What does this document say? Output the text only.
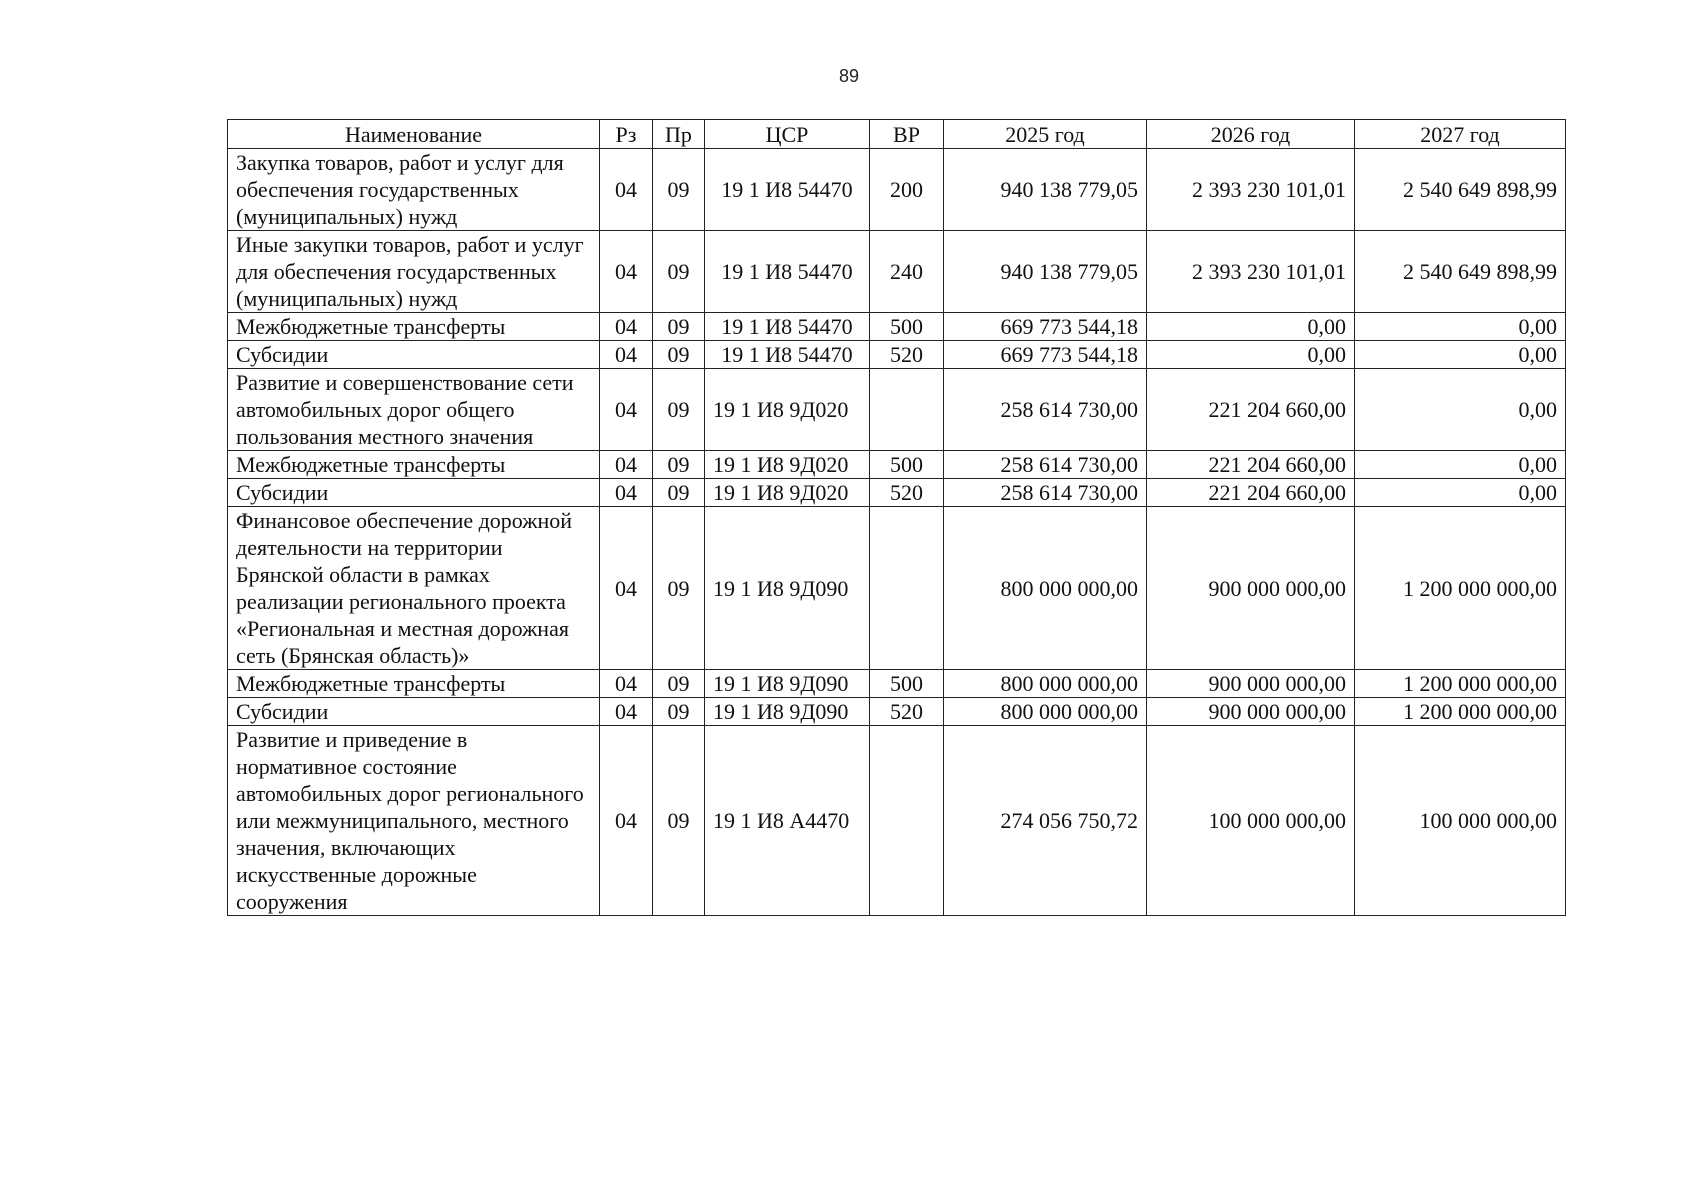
89
Наименование	Рз	Пр	ЦСР	ВР	2025 год	2026 год	2027 год
Закупка товаров, работ и услуг для обеспечения государственных (муниципальных) нужд	04	09	19 1 И8 54470	200	940 138 779,05	2 393 230 101,01	2 540 649 898,99
Иные закупки товаров, работ и услуг для обеспечения государственных (муниципальных) нужд	04	09	19 1 И8 54470	240	940 138 779,05	2 393 230 101,01	2 540 649 898,99
Межбюджетные трансферты	04	09	19 1 И8 54470	500	669 773 544,18	0,00	0,00
Субсидии	04	09	19 1 И8 54470	520	669 773 544,18	0,00	0,00
Развитие и совершенствование сети автомобильных дорог общего пользования местного значения	04	09	19 1 И8 9Д020		258 614 730,00	221 204 660,00	0,00
Межбюджетные трансферты	04	09	19 1 И8 9Д020	500	258 614 730,00	221 204 660,00	0,00
Субсидии	04	09	19 1 И8 9Д020	520	258 614 730,00	221 204 660,00	0,00
Финансовое обеспечение дорожной деятельности на территории Брянской области в рамках реализации регионального проекта «Региональная и местная дорожная сеть (Брянская область)»	04	09	19 1 И8 9Д090		800 000 000,00	900 000 000,00	1 200 000 000,00
Межбюджетные трансферты	04	09	19 1 И8 9Д090	500	800 000 000,00	900 000 000,00	1 200 000 000,00
Субсидии	04	09	19 1 И8 9Д090	520	800 000 000,00	900 000 000,00	1 200 000 000,00
Развитие и приведение в нормативное состояние автомобильных дорог регионального или межмуниципального, местного значения, включающих искусственные дорожные сооружения	04	09	19 1 И8 А4470		274 056 750,72	100 000 000,00	100 000 000,00
